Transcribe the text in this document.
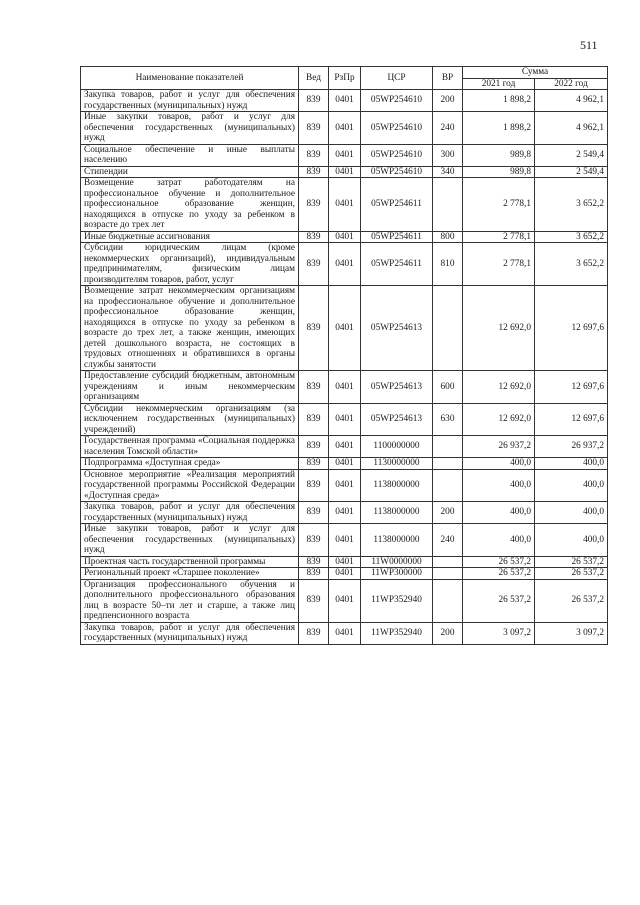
511
Наименование показателей	Вед	РзПр	ЦСР	ВР	Сумма	
					2021 год	2022 год
Закупка товаров, работ и услуг для обеспечения государственных (муниципальных) нужд	839	0401	05WP254610	200	1 898,2	4 962,1
Иные закупки товаров, работ и услуг для обеспечения государственных (муниципальных) нужд	839	0401	05WP254610	240	1 898,2	4 962,1
Социальное обеспечение и иные выплаты населению	839	0401	05WP254610	300	989,8	2 549,4
Стипендии	839	0401	05WP254610	340	989,8	2 549,4
Возмещение затрат работодателям на профессиональное обучение и дополнительное профессиональное образование женщин, находящихся в отпуске по уходу за ребенком в возрасте до трех лет	839	0401	05WP254611		2 778,1	3 652,2
Иные бюджетные ассигнования	839	0401	05WP254611	800	2 778,1	3 652,2
Субсидии юридическим лицам (кроме некоммерческих организаций), индивидуальным предпринимателям, физическим лицам производителям товаров, работ, услуг	839	0401	05WP254611	810	2 778,1	3 652,2
Возмещение затрат некоммерческим организациям на профессиональное обучение и дополнительное профессиональное образование женщин, находящихся в отпуске по уходу за ребенком в возрасте до трех лет, а также женщин, имеющих детей дошкольного возраста, не состоящих в трудовых отношениях и обратившихся в органы службы занятости	839	0401	05WP254613		12 692,0	12 697,6
Предоставление субсидий бюджетным, автономным учреждениям и иным некоммерческим организациям	839	0401	05WP254613	600	12 692,0	12 697,6
Субсидии некоммерческим организациям (за исключением государственных (муниципальных) учреждений)	839	0401	05WP254613	630	12 692,0	12 697,6
Государственная программа «Социальная поддержка населения Томской области»	839	0401	1100000000		26 937,2	26 937,2
Подпрограмма «Доступная среда»	839	0401	1130000000		400,0	400,0
Основное мероприятие «Реализация мероприятий государственной программы Российской Федерации «Доступная среда»	839	0401	1138000000		400,0	400,0
Закупка товаров, работ и услуг для обеспечения государственных (муниципальных) нужд	839	0401	1138000000	200	400,0	400,0
Иные закупки товаров, работ и услуг для обеспечения государственных (муниципальных) нужд	839	0401	1138000000	240	400,0	400,0
Проектная часть государственной программы	839	0401	11W0000000		26 537,2	26 537,2
Региональный проект «Старшее поколение»	839	0401	11WP300000		26 537,2	26 537,2
Организация профессионального обучения и дополнительного профессионального образования лиц в возрасте 50–ти лет и старше, а также лиц предпенсионного возраста	839	0401	11WP352940		26 537,2	26 537,2
Закупка товаров, работ и услуг для обеспечения государственных (муниципальных) нужд	839	0401	11WP352940	200	3 097,2	3 097,2
